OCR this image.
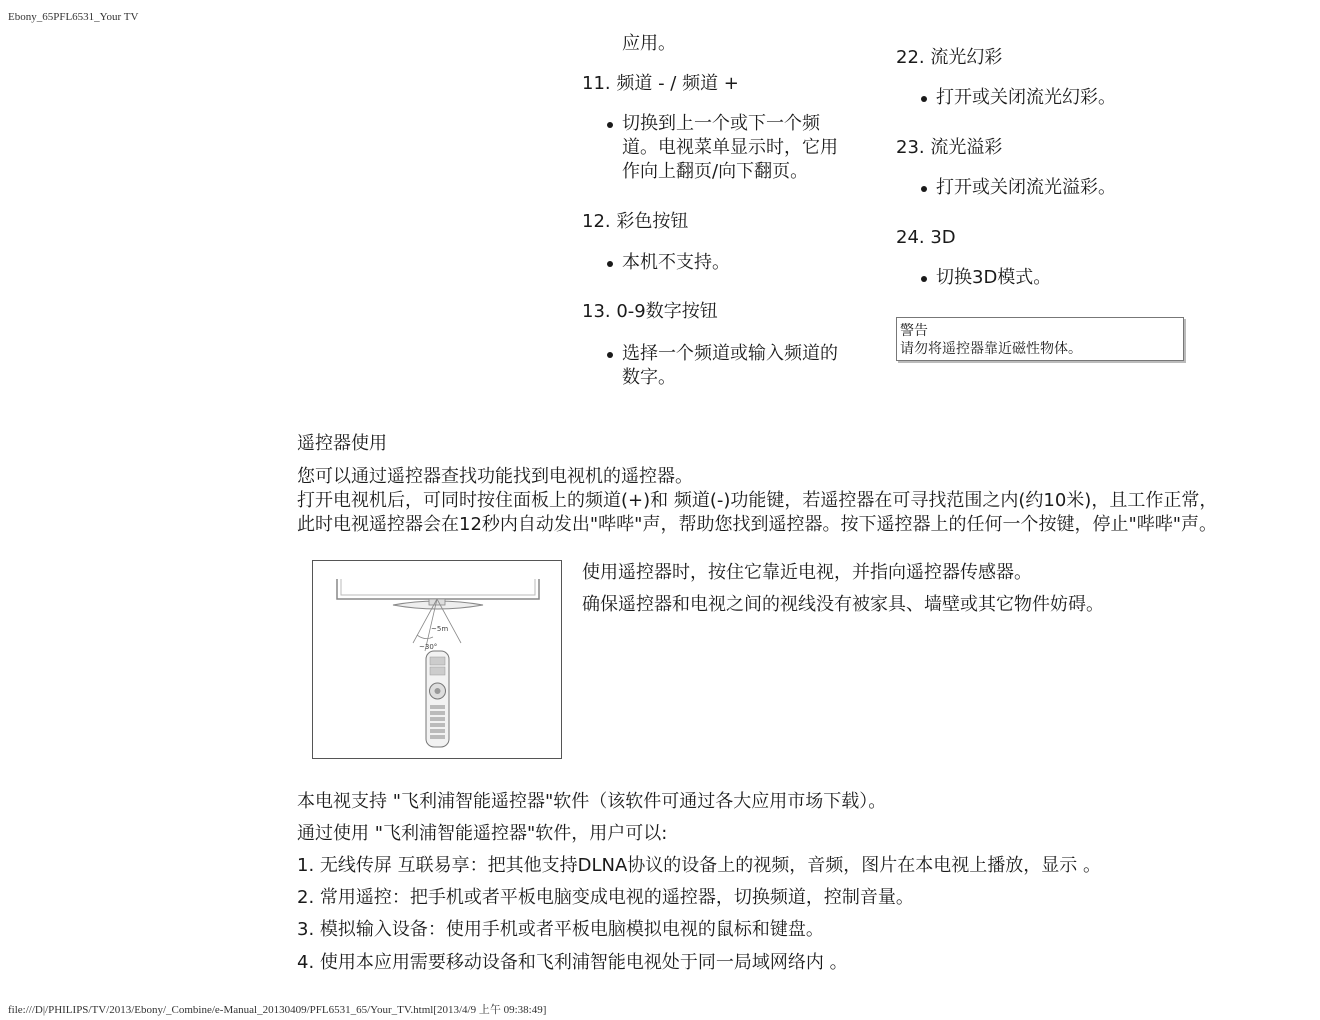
Ebony_65PFL6531_Your TV
file:///D|/PHILIPS/TV/2013/Ebony/_Combine/e-Manual_20130409/PFL6531_65/Your_TV.html[2013/4/9 上午 09:38:49]
应用。
11. 频道 - / 频道 +
切换到上一个或下一个频
道。电视菜单显示时，它用
作向上翻页/向下翻页。
12. 彩色按钮
本机不支持。
13. 0-9数字按钮
选择一个频道或输入频道的
数字。
22. 流光幻彩
打开或关闭流光幻彩。
23. 流光溢彩
打开或关闭流光溢彩。
24. 3D
切换3D模式。
警告
请勿将遥控器靠近磁性物体。
遥控器使用
您可以通过遥控器查找功能找到电视机的遥控器。
打开电视机后，可同时按住面板上的频道(+)和 频道(-)功能键，若遥控器在可寻找范围之内(约10米)，且工作正常，
此时电视遥控器会在12秒内自动发出"哔哔"声，帮助您找到遥控器。按下遥控器上的任何一个按键，停止"哔哔"声。
~5m
~30°
使用遥控器时，按住它靠近电视，并指向遥控器传感器。
确保遥控器和电视之间的视线没有被家具、墙壁或其它物件妨碍。
本电视支持 "飞利浦智能遥控器"软件（该软件可通过各大应用市场下载）。
通过使用 "飞利浦智能遥控器"软件，用户可以:
1. 无线传屏 互联易享：把其他支持DLNA协议的设备上的视频，音频，图片在本电视上播放，显示 。
2. 常用遥控：把手机或者平板电脑变成电视的遥控器，切换频道，控制音量。
3. 模拟输入设备：使用手机或者平板电脑模拟电视的鼠标和键盘。
4. 使用本应用需要移动设备和飞利浦智能电视处于同一局域网络内 。
